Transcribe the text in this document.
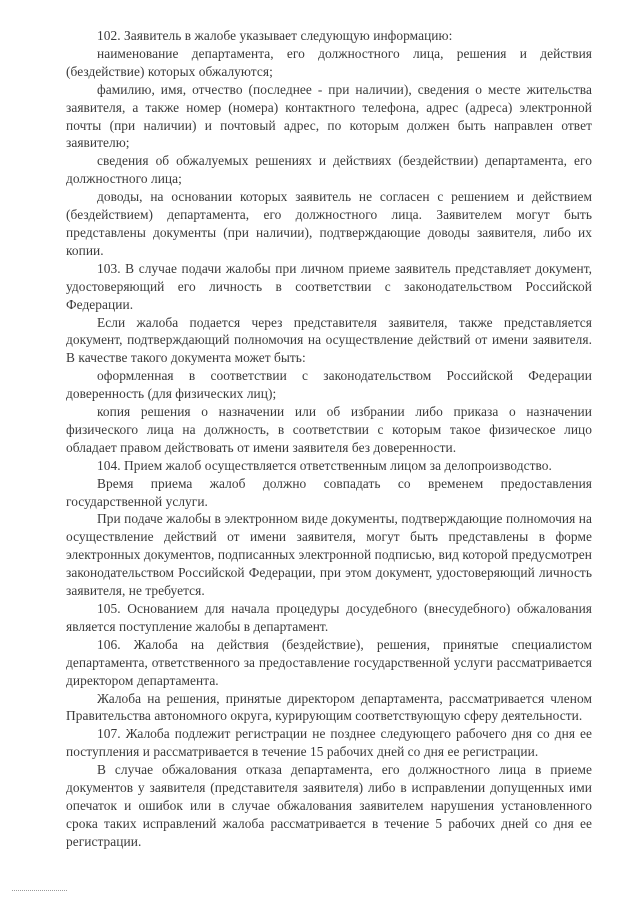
102. Заявитель в жалобе указывает следующую информацию:

наименование департамента, его должностного лица, решения и действия (бездействие) которых обжалуются;

фамилию, имя, отчество (последнее - при наличии), сведения о месте жительства заявителя, а также номер (номера) контактного телефона, адрес (адреса) электронной почты (при наличии) и почтовый адрес, по которым должен быть направлен ответ заявителю;

сведения об обжалуемых решениях и действиях (бездействии) департамента, его должностного лица;

доводы, на основании которых заявитель не согласен с решением и действием (бездействием) департамента, его должностного лица. Заявителем могут быть представлены документы (при наличии), подтверждающие доводы заявителя, либо их копии.

103. В случае подачи жалобы при личном приеме заявитель представляет документ, удостоверяющий его личность в соответствии с законодательством Российской Федерации.

Если жалоба подается через представителя заявителя, также представляется документ, подтверждающий полномочия на осуществление действий от имени заявителя. В качестве такого документа может быть:

оформленная в соответствии с законодательством Российской Федерации доверенность (для физических лиц);

копия решения о назначении или об избрании либо приказа о назначении физического лица на должность, в соответствии с которым такое физическое лицо обладает правом действовать от имени заявителя без доверенности.

104. Прием жалоб осуществляется ответственным лицом за делопроизводство.

Время приема жалоб должно совпадать со временем предоставления государственной услуги.

При подаче жалобы в электронном виде документы, подтверждающие полномочия на осуществление действий от имени заявителя, могут быть представлены в форме электронных документов, подписанных электронной подписью, вид которой предусмотрен законодательством Российской Федерации, при этом документ, удостоверяющий личность заявителя, не требуется.

105. Основанием для начала процедуры досудебного (внесудебного) обжалования является поступление жалобы в департамент.

106. Жалоба на действия (бездействие), решения, принятые специалистом департамента, ответственного за предоставление государственной услуги рассматривается директором департамента.

Жалоба на решения, принятые директором департамента, рассматривается членом Правительства автономного округа, курирующим соответствующую сферу деятельности.

107. Жалоба подлежит регистрации не позднее следующего рабочего дня со дня ее поступления и рассматривается в течение 15 рабочих дней со дня ее регистрации.

В случае обжалования отказа департамента, его должностного лица в приеме документов у заявителя (представителя заявителя) либо в исправлении допущенных ими опечаток и ошибок или в случае обжалования заявителем нарушения установленного срока таких исправлений жалоба рассматривается в течение 5 рабочих дней со дня ее регистрации.
